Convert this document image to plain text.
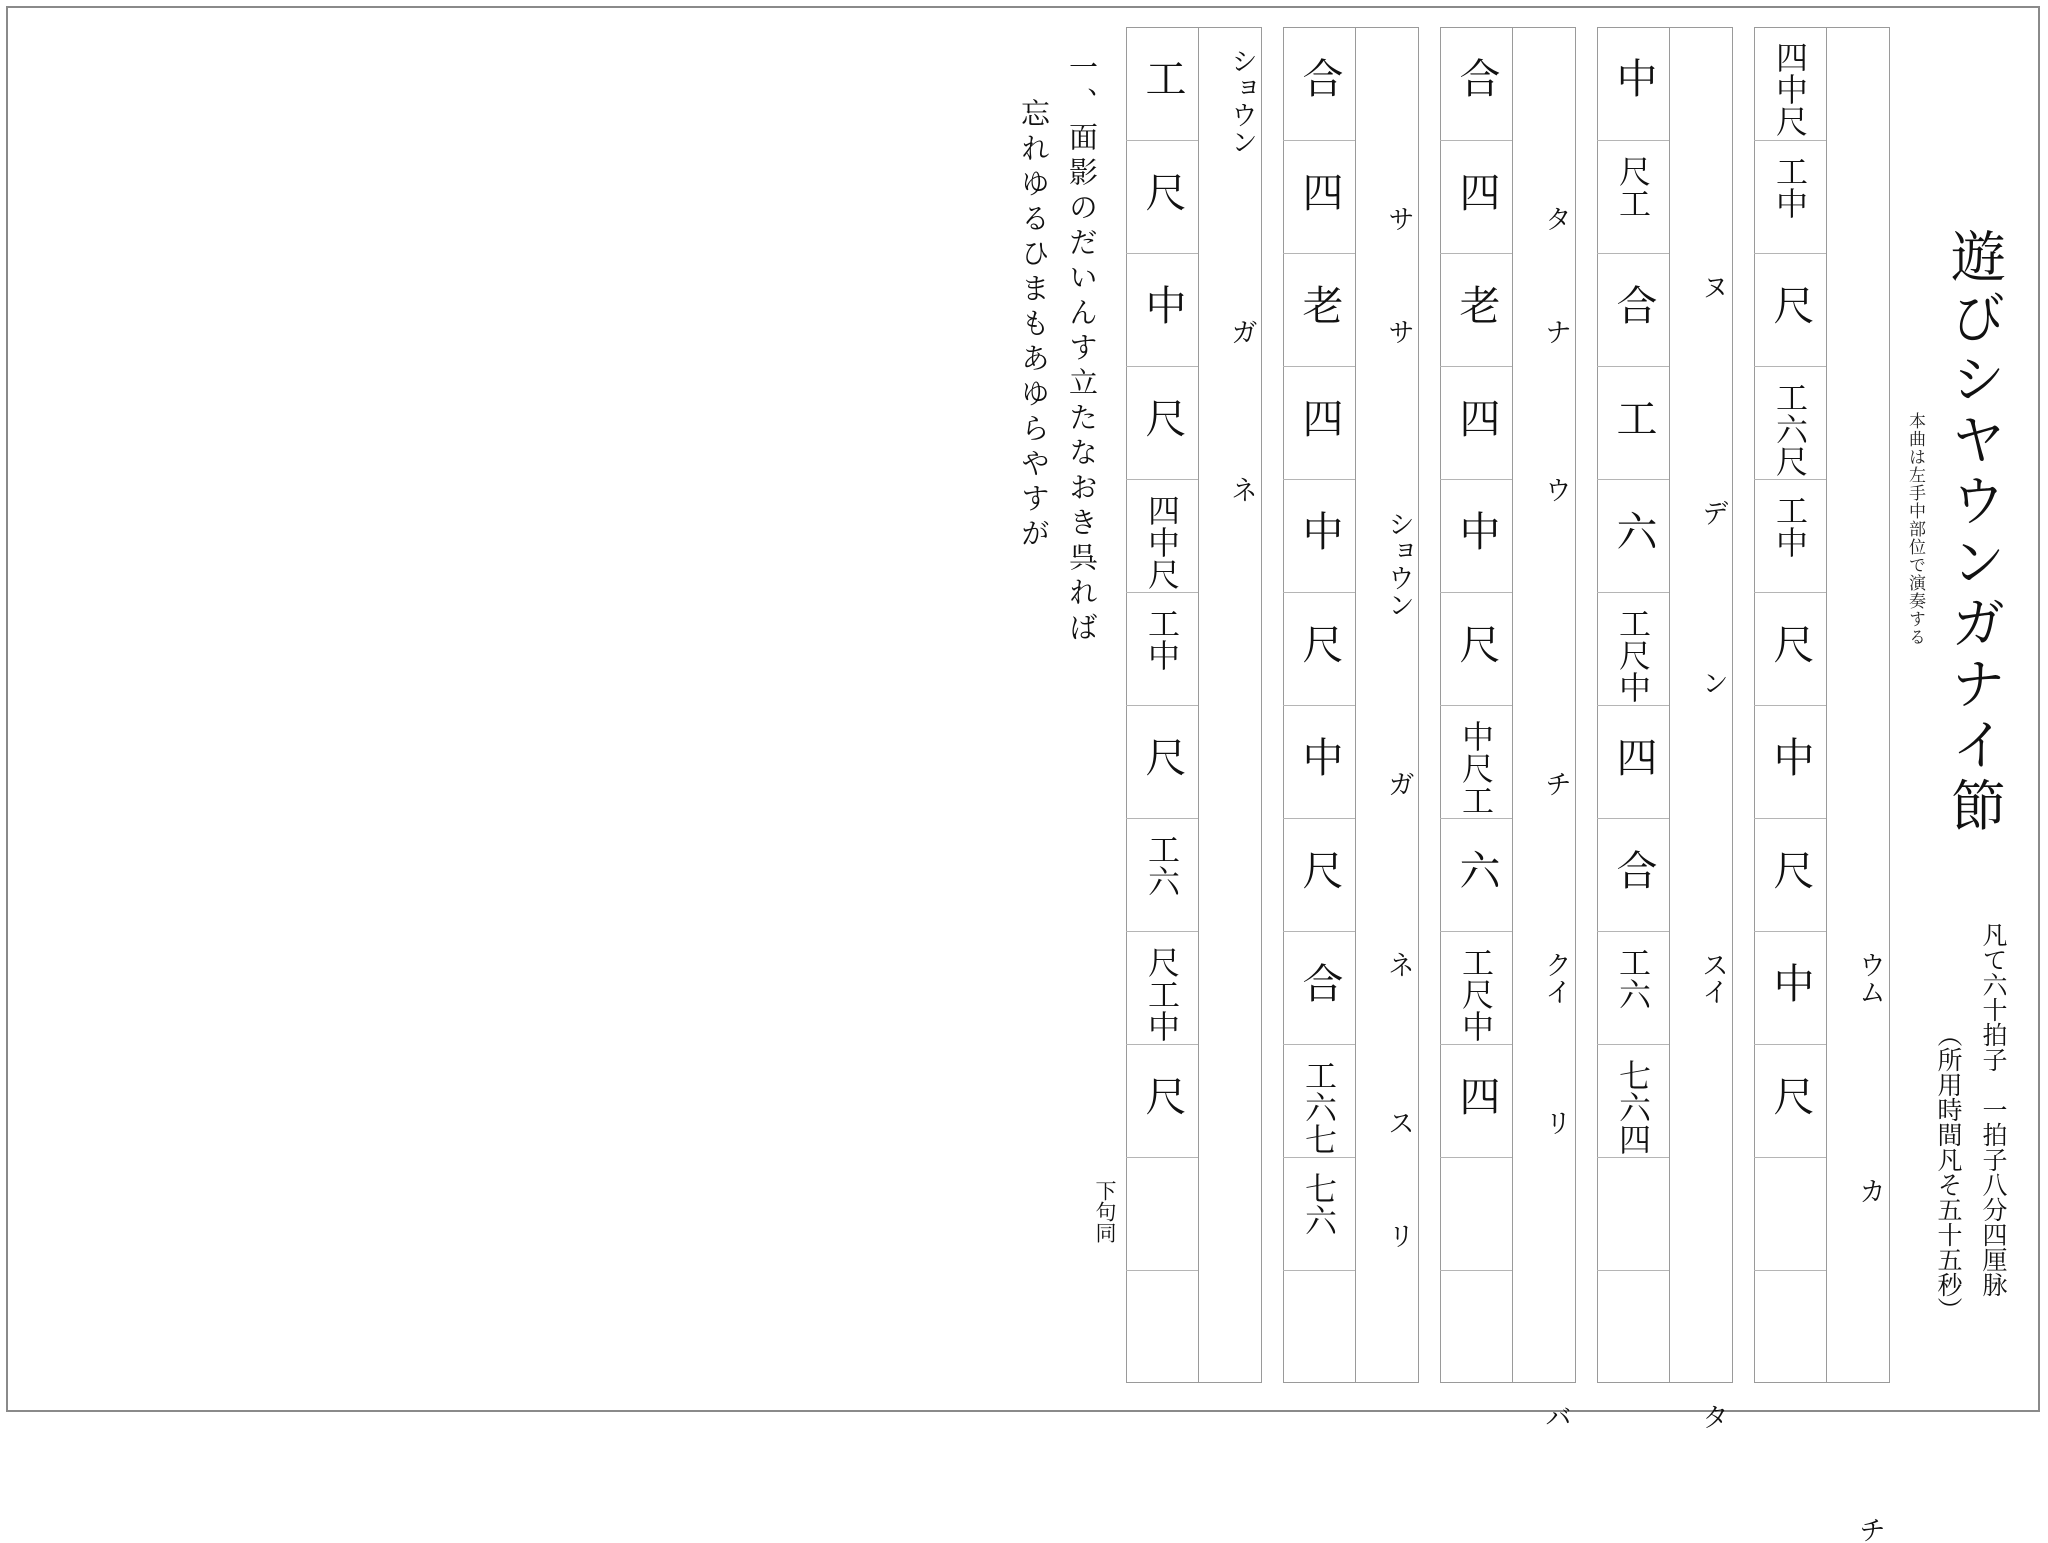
遊びシヤウンガナイ節
本曲は左手中部位で演奏する
凡て六十拍子　一拍子八分四厘脉
（所用時間凡そ五十五秒）
四中尺
工中
尺
工六尺
工中
尺
中
尺
中
尺
ウム
カ
チ
中
尺工
合
工
六
工尺中
四
合
工六
七六四
ヌ
デ
ン
スイ
タ
合
四
老
四
中
尺
中尺工
六
工尺中
四
タ
ナ
ウ
チ
クイ
リ
バ
合
四
老
四
中
尺
中
尺
合
工六七
七六
サ
サ
ショウン
ガ
ネ
ス
リ
工
尺
中
尺
四中尺
工中
尺
工六
尺工中
尺
ショウン
ガ
ネ
下句同
一、面影のだいんす立たなおき呉れば
忘れゆるひまもあゆらやすが
